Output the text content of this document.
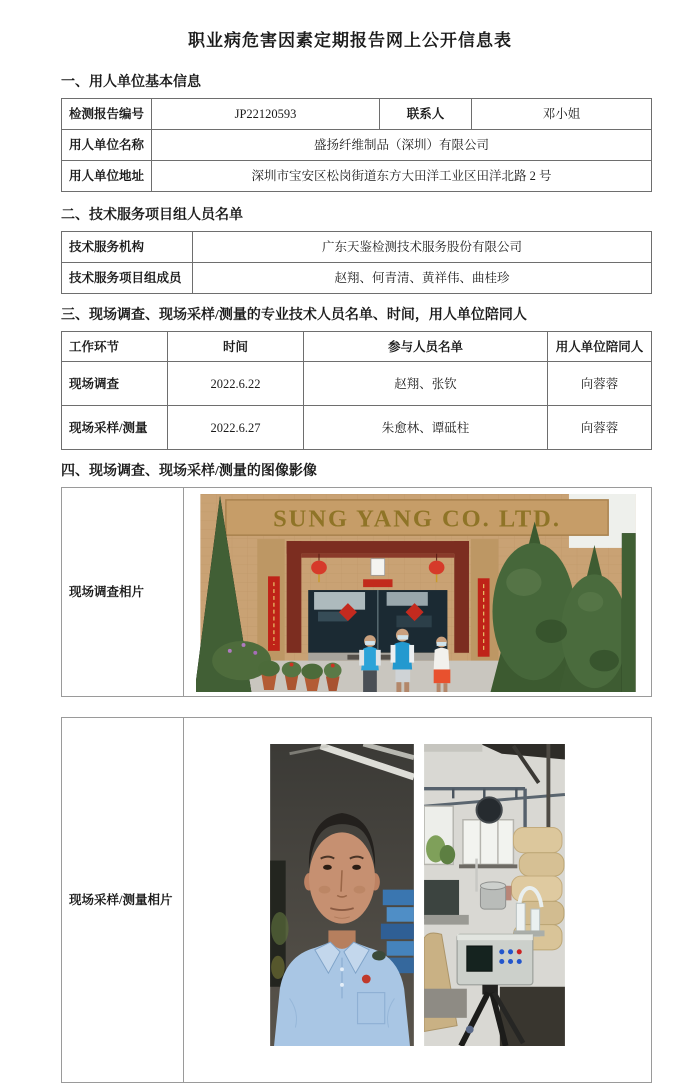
职业病危害因素定期报告网上公开信息表
一、用人单位基本信息
检测报告编号	JP22120593	联系人	邓小姐
用人单位名称	盛扬纤维制品（深圳）有限公司		
用人单位地址	深圳市宝安区松岗街道东方大田洋工业区田洋北路 2 号		
二、技术服务项目组人员名单
技术服务机构	广东天鉴检测技术服务股份有限公司
技术服务项目组成员	赵翔、何青清、黄祥伟、曲桂珍
三、现场调查、现场采样/测量的专业技术人员名单、时间，用人单位陪同人
工作环节	时间	参与人员名单	用人单位陪同人
现场调查	2022.6.22	赵翔、张钦	向蓉蓉
现场采样/测量	2022.6.27	朱愈林、谭砥柱	向蓉蓉
四、现场调查、现场采样/测量的图像影像
现场调查相片	
SUNG YANG CO. LTD.
现场采样/测量相片	
